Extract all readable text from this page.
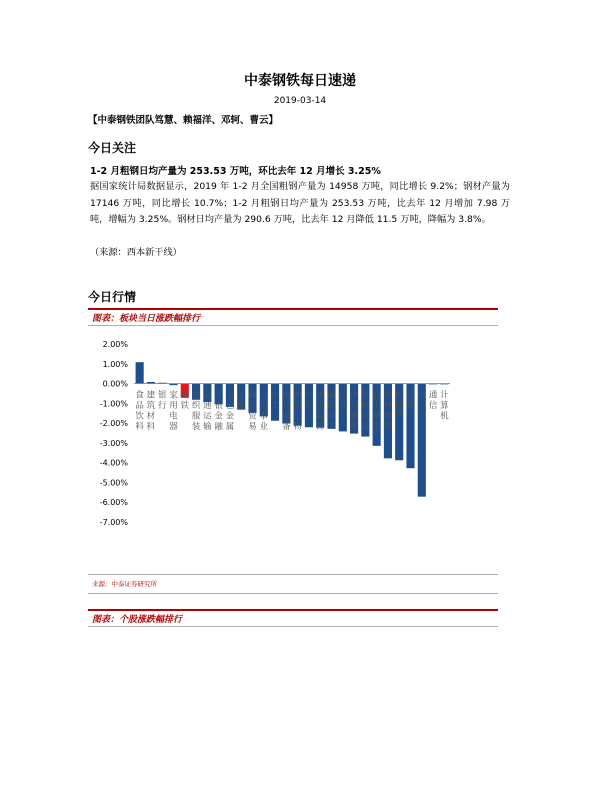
中泰钢铁每日速递
2019-03-14
【中泰钢铁团队笃慧、赖福洋、邓轲、曹云】
今日关注
1-2 月粗钢日均产量为 253.53 万吨，环比去年 12 月增长 3.25%
据国家统计局数据显示，2019 年 1-2 月全国粗钢产量为 14958 万吨，同比增长 9.2%；钢材产量为 17146 万吨，同比增长 10.7%；1-2 月粗钢日均产量为 253.53 万吨，比去年 12 月增加 7.98 万吨，增幅为 3.25%。钢材日均产量为 290.6 万吨，比去年 12 月降低 11.5 万吨，降幅为 3.8%。
（来源：西本新干线）
今日行情
图表：板块当日涨跌幅排行
2.00%
1.00%
0.00%
-1.00%
-2.00%
-3.00%
-4.00%
-5.00%
-6.00%
-7.00%
食品饮料
建筑材料
银行
家用电器
钢铁
纺织服装
交通运输
非银金融
有色金属
采掘
商业贸易
公用事业
化工
电气设备
医药生物
汽车
建筑装饰
国防军工
综合
休闲服务
机械设备
轻工制造
农林牧渔
房地产
传媒
电子
通信
计算机
来源：中泰证券研究所
图表：个股涨跌幅排行
